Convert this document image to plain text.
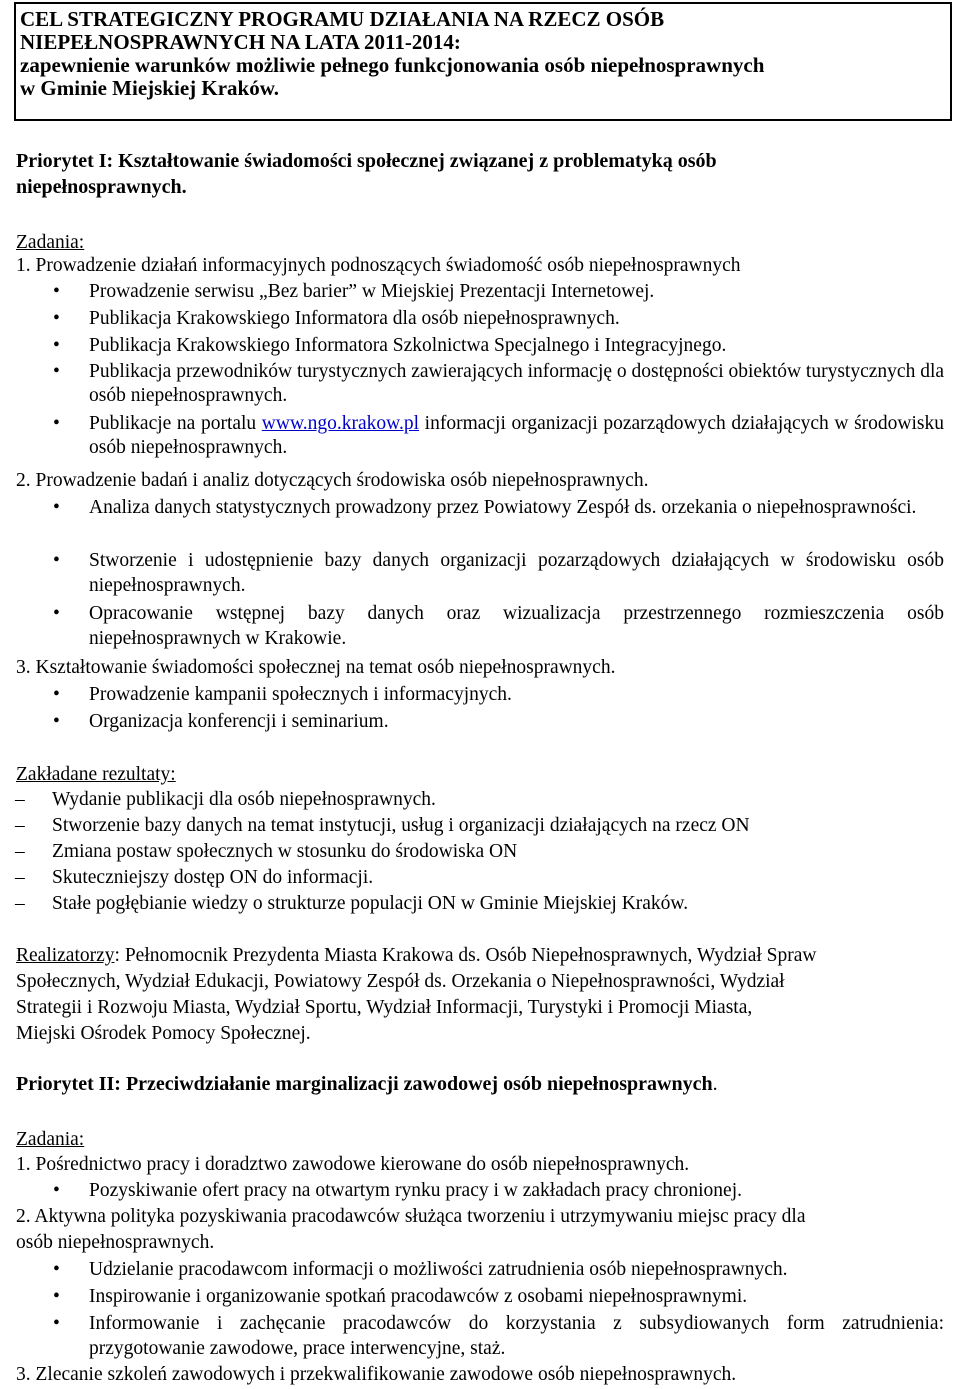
CEL STRATEGICZNY PROGRAMU DZIAŁANIA NA RZECZ OSÓB
NIEPEŁNOSPRAWNYCH NA LATA 2011-2014:
zapewnienie warunków możliwie pełnego funkcjonowania osób niepełnosprawnych
w Gminie Miejskiej Kraków.
Priorytet I: Kształtowanie świadomości społecznej związanej z problematyką osób
niepełnosprawnych.
Zadania:
1. Prowadzenie działań informacyjnych podnoszących świadomość osób niepełnosprawnych
• Prowadzenie serwisu „Bez barier” w Miejskiej Prezentacji Internetowej.
• Publikacja Krakowskiego Informatora dla osób niepełnosprawnych.
• Publikacja Krakowskiego Informatora Szkolnictwa Specjalnego i Integracyjnego.
• Publikacja przewodników turystycznych zawierających informację o dostępności obiektów turystycznych dla osób niepełnosprawnych.
• Publikacje na portalu www.ngo.krakow.pl informacji organizacji pozarządowych działających w środowisku osób niepełnosprawnych.
2. Prowadzenie badań i analiz dotyczących środowiska osób niepełnosprawnych.
• Analiza danych statystycznych prowadzony przez Powiatowy Zespół ds. orzekania o niepełnosprawności.
• Stworzenie i udostępnienie bazy danych organizacji pozarządowych działających w środowisku osób niepełnosprawnych.
• Opracowanie wstępnej bazy danych oraz wizualizacja przestrzennego rozmieszczenia osób niepełnosprawnych w Krakowie.
3. Kształtowanie świadomości społecznej na temat osób niepełnosprawnych.
• Prowadzenie kampanii społecznych i informacyjnych.
• Organizacja konferencji i seminarium.
Zakładane rezultaty:
– Wydanie publikacji dla osób niepełnosprawnych.
– Stworzenie bazy danych na temat instytucji, usług i organizacji działających na rzecz ON
– Zmiana postaw społecznych w stosunku do środowiska ON
– Skuteczniejszy dostęp ON do informacji.
– Stałe pogłębianie wiedzy o strukturze populacji ON w Gminie Miejskiej Kraków.
Realizatorzy: Pełnomocnik Prezydenta Miasta Krakowa ds. Osób Niepełnosprawnych, Wydział Spraw
Społecznych, Wydział Edukacji, Powiatowy Zespół ds. Orzekania o Niepełnosprawności, Wydział
Strategii i Rozwoju Miasta, Wydział Sportu, Wydział Informacji, Turystyki i Promocji Miasta,
Miejski Ośrodek Pomocy Społecznej.
Priorytet II: Przeciwdziałanie marginalizacji zawodowej osób niepełnosprawnych.
Zadania:
1. Pośrednictwo pracy i doradztwo zawodowe kierowane do osób niepełnosprawnych.
• Pozyskiwanie ofert pracy na otwartym rynku pracy i w zakładach pracy chronionej.
2. Aktywna polityka pozyskiwania pracodawców służąca tworzeniu i utrzymywaniu miejsc pracy dla
osób niepełnosprawnych.
• Udzielanie pracodawcom informacji o możliwości zatrudnienia osób niepełnosprawnych.
• Inspirowanie i organizowanie spotkań pracodawców z osobami niepełnosprawnymi.
• Informowanie i zachęcanie pracodawców do korzystania z subsydiowanych form zatrudnienia: przygotowanie zawodowe, prace interwencyjne, staż.
3. Zlecanie szkoleń zawodowych i przekwalifikowanie zawodowe osób niepełnosprawnych.
